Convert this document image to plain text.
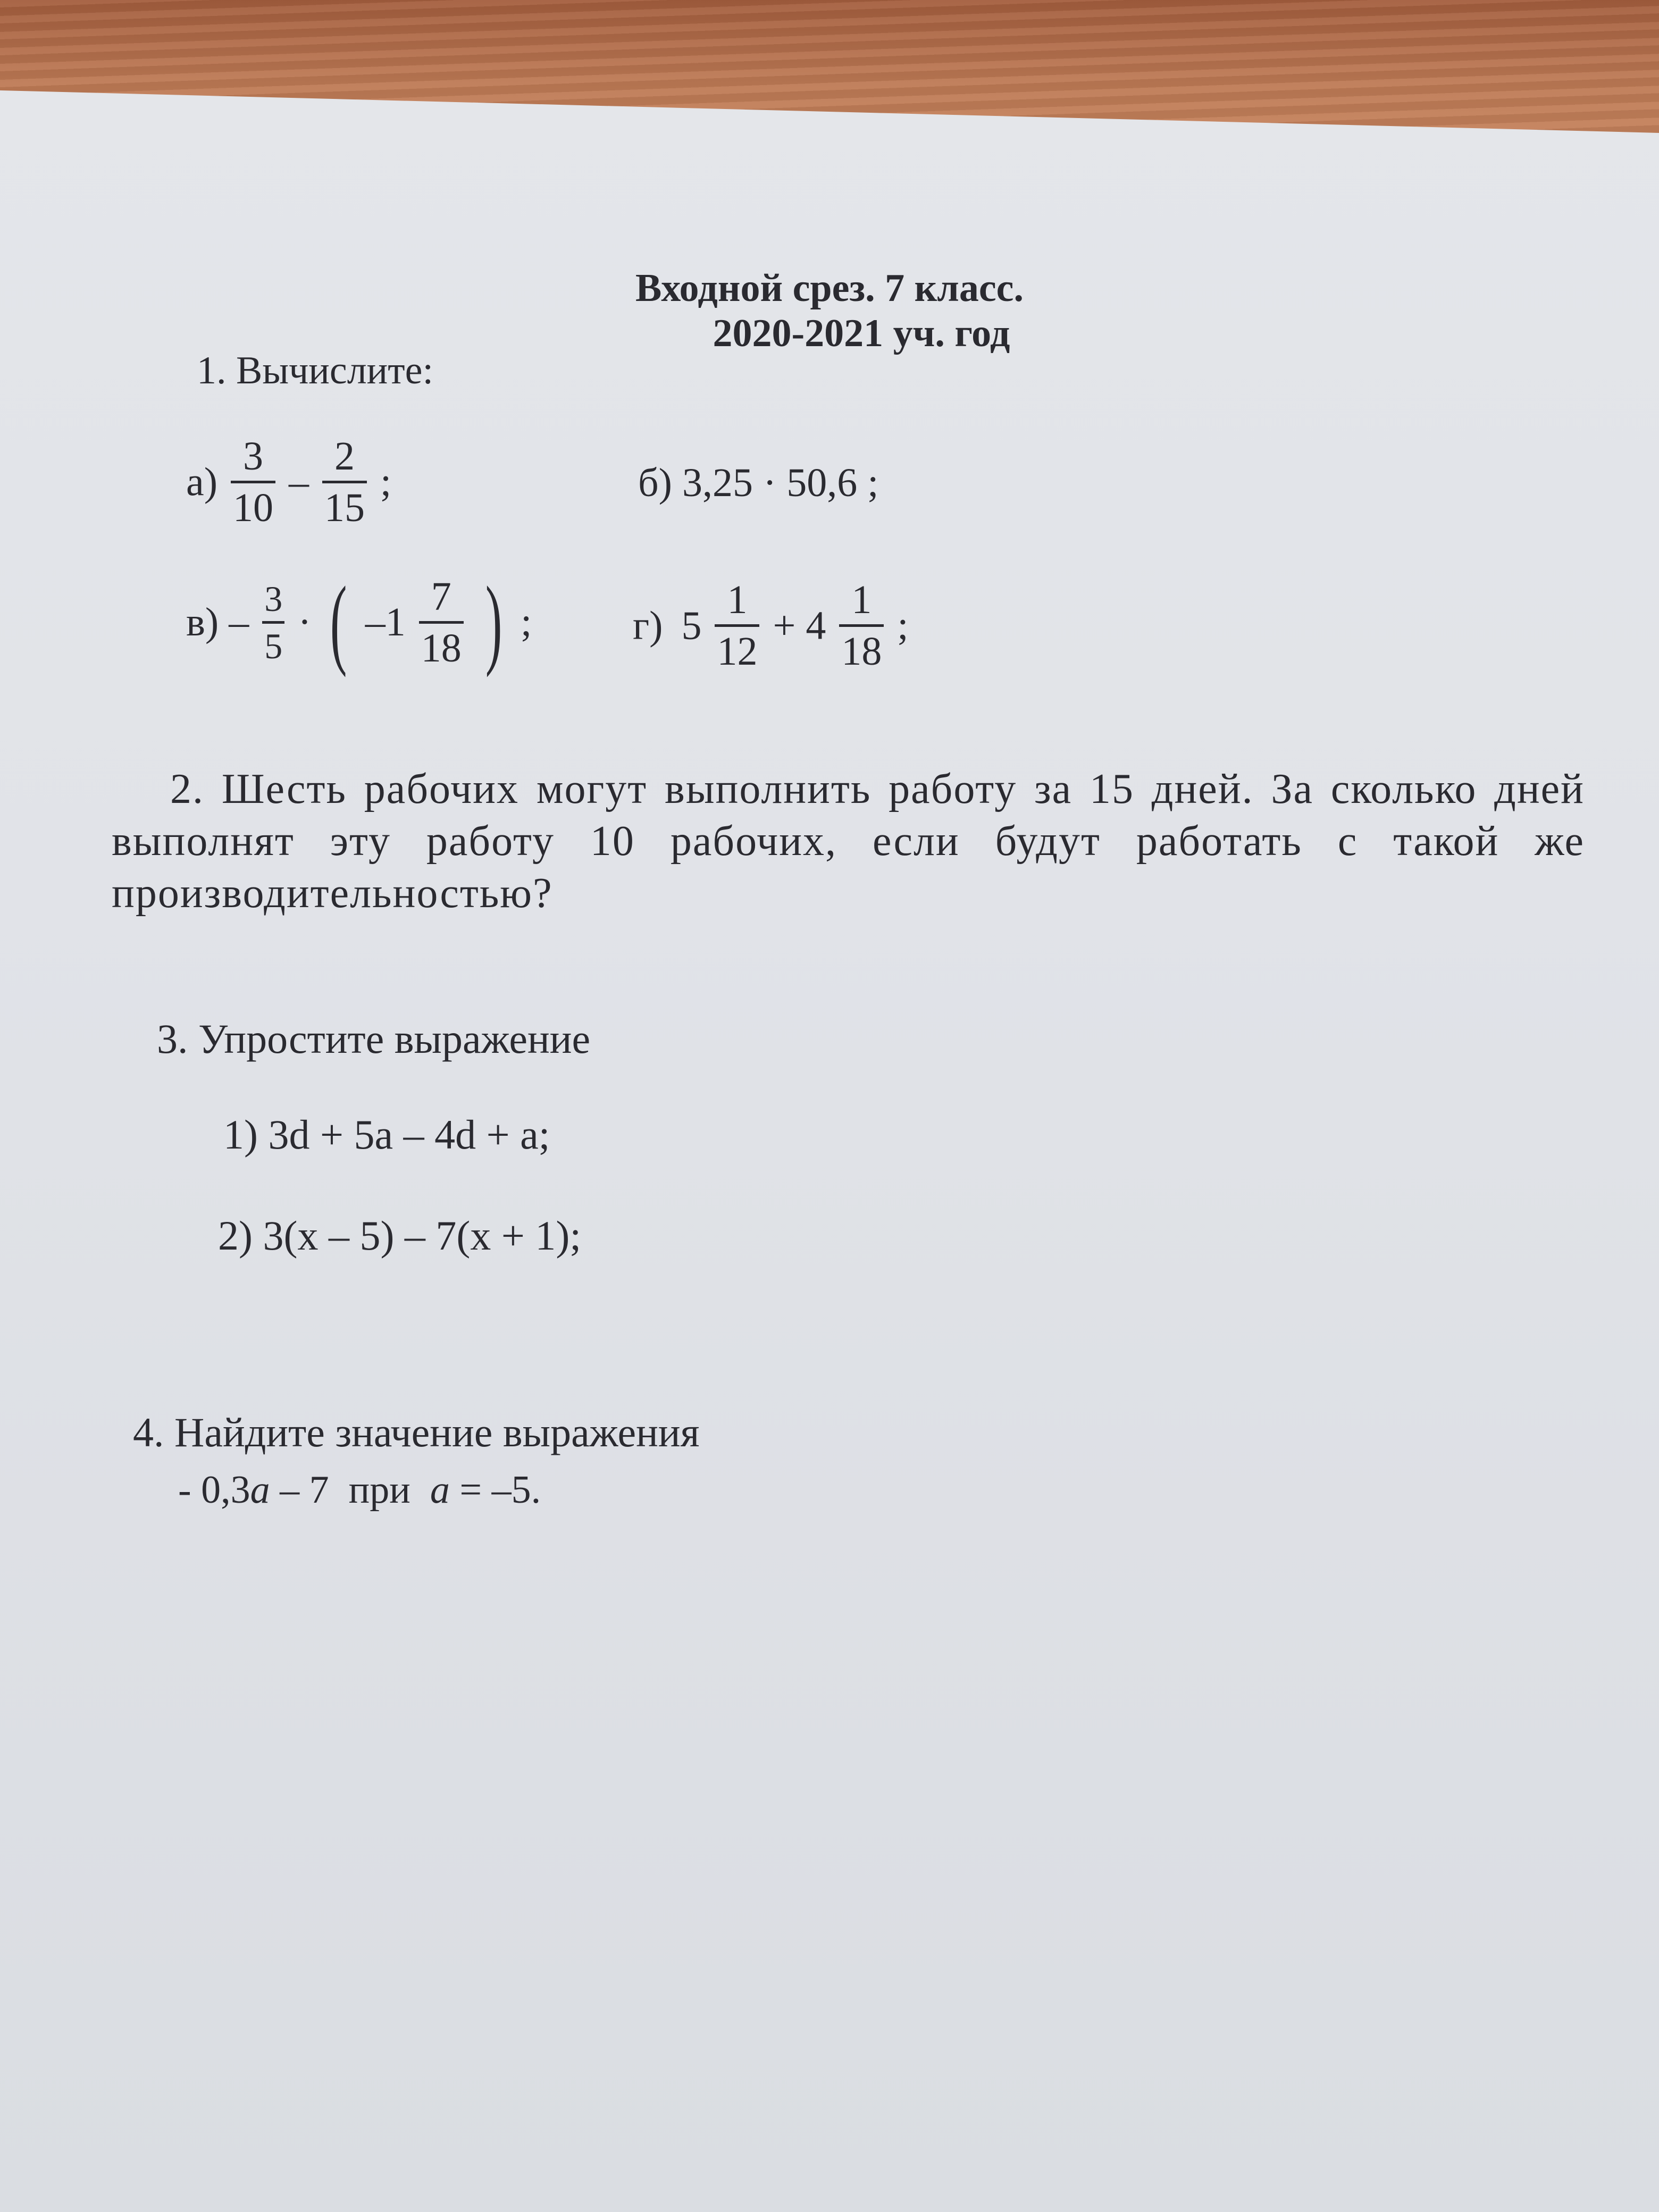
Входной срез. 7 класс.
2020-2021 уч. год
1. Вычислите:
$а) \frac{3}{10} - \frac{2}{15}$ ;	б) 3,25 · 50,6 ;
$в) - \frac{3}{5}$ · ( $-1 \frac{7}{18}$ ) ; г) $5 \frac{1}{12} + 4 \frac{1}{18}$ ;
2. Шесть рабочих могут выполнить работу за 15 дней. За сколько дней выполнят эту работу 10 рабочих, если будут работать с такой же производительностью?
3. Упростите выражение
1) 3d + 5a – 4d + a;
2) 3(x – 5) – 7(x + 1);
4. Найдите значение выражения
- 0,3a – 7  при  a = –5.
